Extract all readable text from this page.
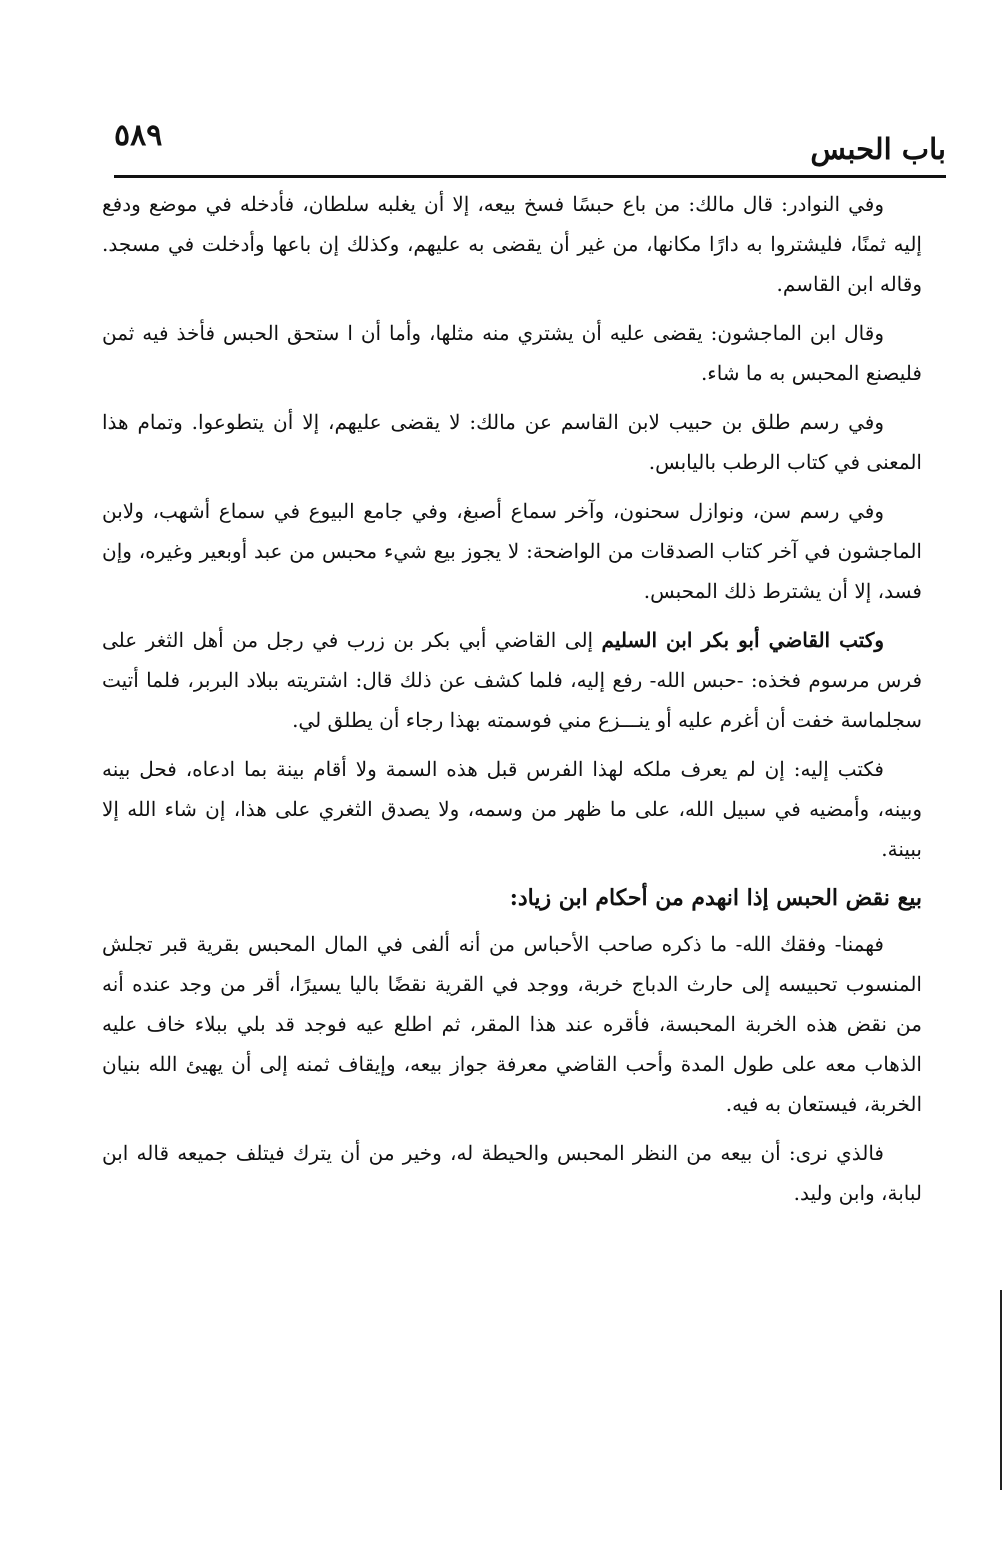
٥٨٩	باب الحبس

وفي النوادر: قال مالك: من باع حبسًا فسخ بيعه، إلا أن يغلبه سلطان، فأدخله في موضع ودفع إليه ثمنًا، فليشتروا به دارًا مكانها، من غير أن يقضى به عليهم، وكذلك إن باعها وأدخلت في مسجد. وقاله ابن القاسم.

وقال ابن الماجشون: يقضى عليه أن يشتري منه مثلها، وأما أن ا ستحق الحبس فأخذ فيه ثمن فليصنع المحبس به ما شاء.

وفي رسم طلق بن حبيب لابن القاسم عن مالك: لا يقضى عليهم، إلا أن يتطوعوا. وتمام هذا المعنى في كتاب الرطب باليابس.

وفي رسم سن، ونوازل سحنون، وآخر سماع أصبغ، وفي جامع البيوع في سماع أشهب، ولابن الماجشون في آخر كتاب الصدقات من الواضحة: لا يجوز بيع شيء محبس من عبد أوبعير وغيره، وإن فسد، إلا أن يشترط ذلك المحبس.

وكتب القاضي أبو بكر ابن السليم إلى القاضي أبي بكر بن زرب في رجل من أهل الثغر على فرس مرسوم فخذه: -حبس الله- رفع إليه، فلما كشف عن ذلك قال: اشتريته ببلاد البربر، فلما أتيت سجلماسة خفت أن أغرم عليه أو ينـــزع مني فوسمته بهذا رجاء أن يطلق لي.

فكتب إليه: إن لم يعرف ملكه لهذا الفرس قبل هذه السمة ولا أقام بينة بما ادعاه، فحل بينه وبينه، وأمضيه في سبيل الله، على ما ظهر من وسمه، ولا يصدق الثغري على هذا، إن شاء الله إلا ببينة.

بيع نقض الحبس إذا انهدم من أحكام ابن زياد:

فهمنا- وفقك الله- ما ذكره صاحب الأحباس من أنه ألفى في المال المحبس بقرية قبر تجلش المنسوب تحبيسه إلى حارث الدباج خربة، ووجد في القرية نقضًا باليا يسيرًا، أقر من وجد عنده أنه من نقض هذه الخربة المحبسة، فأقره عند هذا المقر، ثم اطلع عيه فوجد قد بلي ببلاء خاف عليه الذهاب معه على طول المدة وأحب القاضي معرفة جواز بيعه، وإيقاف ثمنه إلى أن يهيئ الله بنيان الخربة، فيستعان به فيه.

فالذي نرى: أن بيعه من النظر المحبس والحيطة له، وخير من أن يترك فيتلف جميعه قاله ابن لبابة، وابن وليد.
